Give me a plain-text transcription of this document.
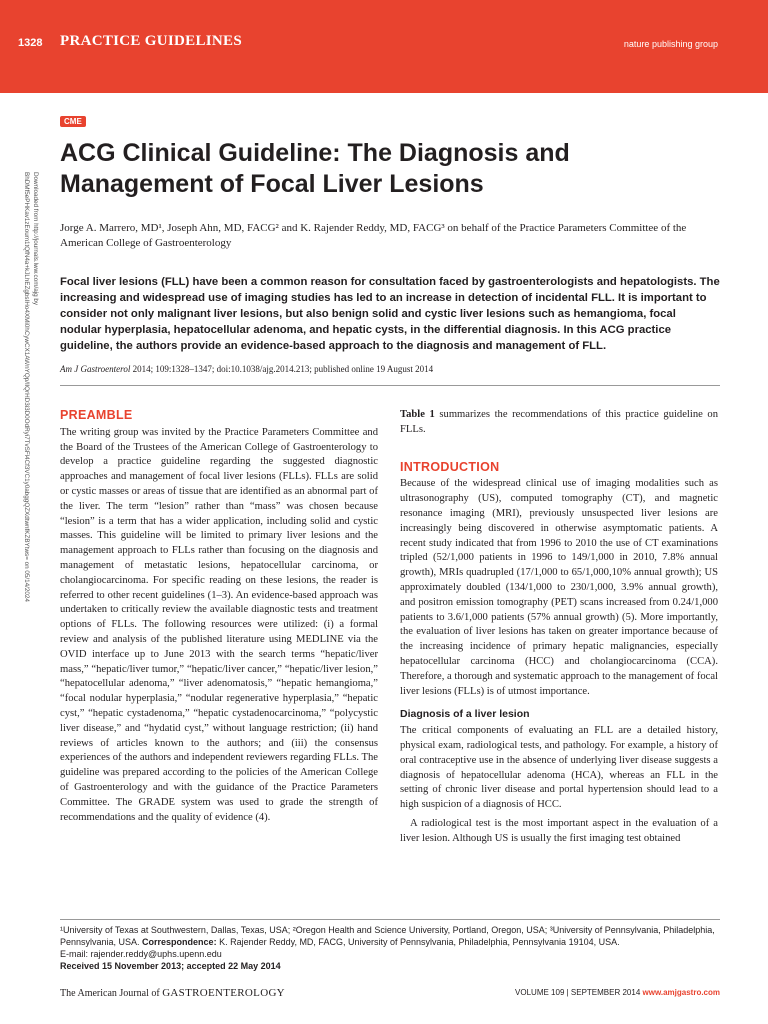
1328 PRACTICE GUIDELINES	nature publishing group
Downloaded from http://journals.lww.com/ajg by BhDMf5ePHKav1zEoum1tQfN4a+kJLhEZgbsIHo4XMi0hCywCX1AWnYQp/IlQrHD3i3D0OdRyi7TvSFl4Cf3VC1y0abggQZXdtwnfKZBYtws= on 05/14/2024
CME
ACG Clinical Guideline: The Diagnosis and
Management of Focal Liver Lesions

Jorge A. Marrero, MD¹, Joseph Ahn, MD, FACG² and K. Rajender Reddy, MD, FACG³ on behalf of the Practice Parameters Committee of the American College of Gastroenterology

Focal liver lesions (FLL) have been a common reason for consultation faced by gastroenterologists and hepatologists. The increasing and widespread use of imaging studies has led to an increase in detection of incidental FLL. It is important to consider not only malignant liver lesions, but also benign solid and cystic liver lesions such as hemangioma, focal nodular hyperplasia, hepatocellular adenoma, and hepatic cysts, in the differential diagnosis. In this ACG practice guideline, the authors provide an evidence-based approach to the diagnosis and management of FLL.

Am J Gastroenterol 2014; 109:1328–1347; doi:10.1038/ajg.2014.213; published online 19 August 2014

PREAMBLE

The writing group was invited by the Practice Parameters Committee and the Board of the Trustees of the American College of Gastroenterology to develop a practice guideline regarding the suggested diagnostic approaches and management of focal liver lesions (FLLs). FLLs are solid or cystic masses or areas of tissue that are identified as an abnormal part of the liver. The term “lesion” rather than “mass” was chosen because “lesion” is a term that has a wider application, including solid and cystic masses. This guideline will be limited to primary liver lesions and the management approach to FLLs rather than focusing on the diagnosis and management of metastatic lesions, hepatocellular carcinoma, or cholangiocarcinoma. For specific reading on these lesions, the reader is referred to other recent guidelines (1–3). An evidence-based approach was undertaken to critically review the available diagnostic tests and treatment options of FLLs. The following resources were utilized: (i) a formal review and analysis of the published literature using MEDLINE via the OVID interface up to June 2013 with the search terms “hepatic/liver mass,” “hepatic/liver tumor,” “hepatic/liver cancer,” “hepatic/liver lesion,” “hepatocellular adenoma,” “liver adenomatosis,” “hepatic hemangioma,” “focal nodular hyperplasia,” “nodular regenerative hyperplasia,” “hepatic cyst,” “hepatic cystadenoma,” “hepatic cystadenocarcinoma,” “polycystic liver disease,” and “hydatid cyst,” without language restriction; (ii) hand reviews of articles known to the authors; and (iii) the consensus experiences of the authors and independent reviewers regarding FLLs. The guideline was prepared according to the policies of the American College of Gastroenterology and with the guidance of the Practice Parameters Committee. The GRADE system was used to grade the strength of recommendations and the quality of evidence (4).

Table 1 summarizes the recommendations of this practice guideline on FLLs.

INTRODUCTION

Because of the widespread clinical use of imaging modalities such as ultrasonography (US), computed tomography (CT), and magnetic resonance imaging (MRI), previously unsuspected liver lesions are increasingly being discovered in otherwise asymptomatic patients. A recent study indicated that from 1996 to 2010 the use of CT examinations tripled (52/1,000 patients in 1996 to 149/1,000 in 2010, 7.8% annual growth), MRIs quadrupled (17/1,000 to 65/1,000,10% annual growth); US approximately doubled (134/1,000 to 230/1,000, 3.9% annual growth), and positron emission tomography (PET) scans increased from 0.24/1,000 patients to 3.6/1,000 patients (57% annual growth) (5). More importantly, the evaluation of liver lesions has taken on greater importance because of the increasing incidence of primary hepatic malignancies, especially hepatocellular carcinoma (HCC) and cholangiocarcinoma (CCA). Therefore, a thorough and systematic approach to the management of focal liver lesions (FLLs) is of utmost importance.

Diagnosis of a liver lesion

The critical components of evaluating an FLL are a detailed history, physical exam, radiological tests, and pathology. For example, a history of oral contraceptive use in the absence of underlying liver disease suggests a diagnosis of hepatocellular adenoma (HCA), whereas an FLL in the setting of chronic liver disease and portal hypertension should lead to a high suspicion of a diagnosis of HCC.

A radiological test is the most important aspect in the evaluation of a liver lesion. Although US is usually the first imaging test obtained

¹University of Texas at Southwestern, Dallas, Texas, USA; ²Oregon Health and Science University, Portland, Oregon, USA; ³University of Pennsylvania, Philadelphia, Pennsylvania, USA. Correspondence: K. Rajender Reddy, MD, FACG, University of Pennsylvania, Philadelphia, Pennsylvania 19104, USA.
E-mail: rajender.reddy@uphs.upenn.edu
Received 15 November 2013; accepted 22 May 2014
The American Journal of GASTROENTEROLOGY	VOLUME 109 | SEPTEMBER 2014 www.amjgastro.com
